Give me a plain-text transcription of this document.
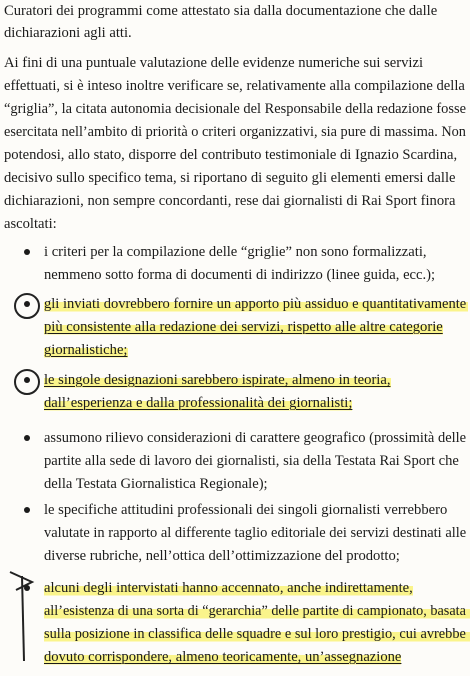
Curatori dei programmi come attestato sia dalla documentazione che dalle
dichiarazioni agli atti.
Ai fini di una puntuale valutazione delle evidenze numeriche sui servizi
effettuati, si è inteso inoltre verificare se, relativamente alla compilazione della
“griglia”, la citata autonomia decisionale del Responsabile della redazione fosse
esercitata nell’ambito di priorità o criteri organizzativi, sia pure di massima. Non
potendosi, allo stato, disporre del contributo testimoniale di Ignazio Scardina,
decisivo sullo specifico tema, si riportano di seguito gli elementi emersi dalle
dichiarazioni, non sempre concordanti, rese dai giornalisti di Rai Sport finora
ascoltati:
i criteri per la compilazione delle “griglie” non sono formalizzati,
nemmeno sotto forma di documenti di indirizzo (linee guida, ecc.);
gli inviati dovrebbero fornire un apporto più assiduo e quantitativamente
più consistente alla redazione dei servizi, rispetto alle altre categorie
giornalistiche;
le singole designazioni sarebbero ispirate, almeno in teoria,
dall’esperienza e dalla professionalità dei giornalisti;
assumono rilievo considerazioni di carattere geografico (prossimità delle
partite alla sede di lavoro dei giornalisti, sia della Testata Rai Sport che
della Testata Giornalistica Regionale);
le specifiche attitudini professionali dei singoli giornalisti verrebbero
valutate in rapporto al differente taglio editoriale dei servizi destinati alle
diverse rubriche, nell’ottica dell’ottimizzazione del prodotto;
alcuni degli intervistati hanno accennato, anche indirettamente,
all’esistenza di una sorta di “gerarchia” delle partite di campionato, basata
sulla posizione in classifica delle squadre e sul loro prestigio, cui avrebbe
dovuto corrispondere, almeno teoricamente, un’assegnazione
